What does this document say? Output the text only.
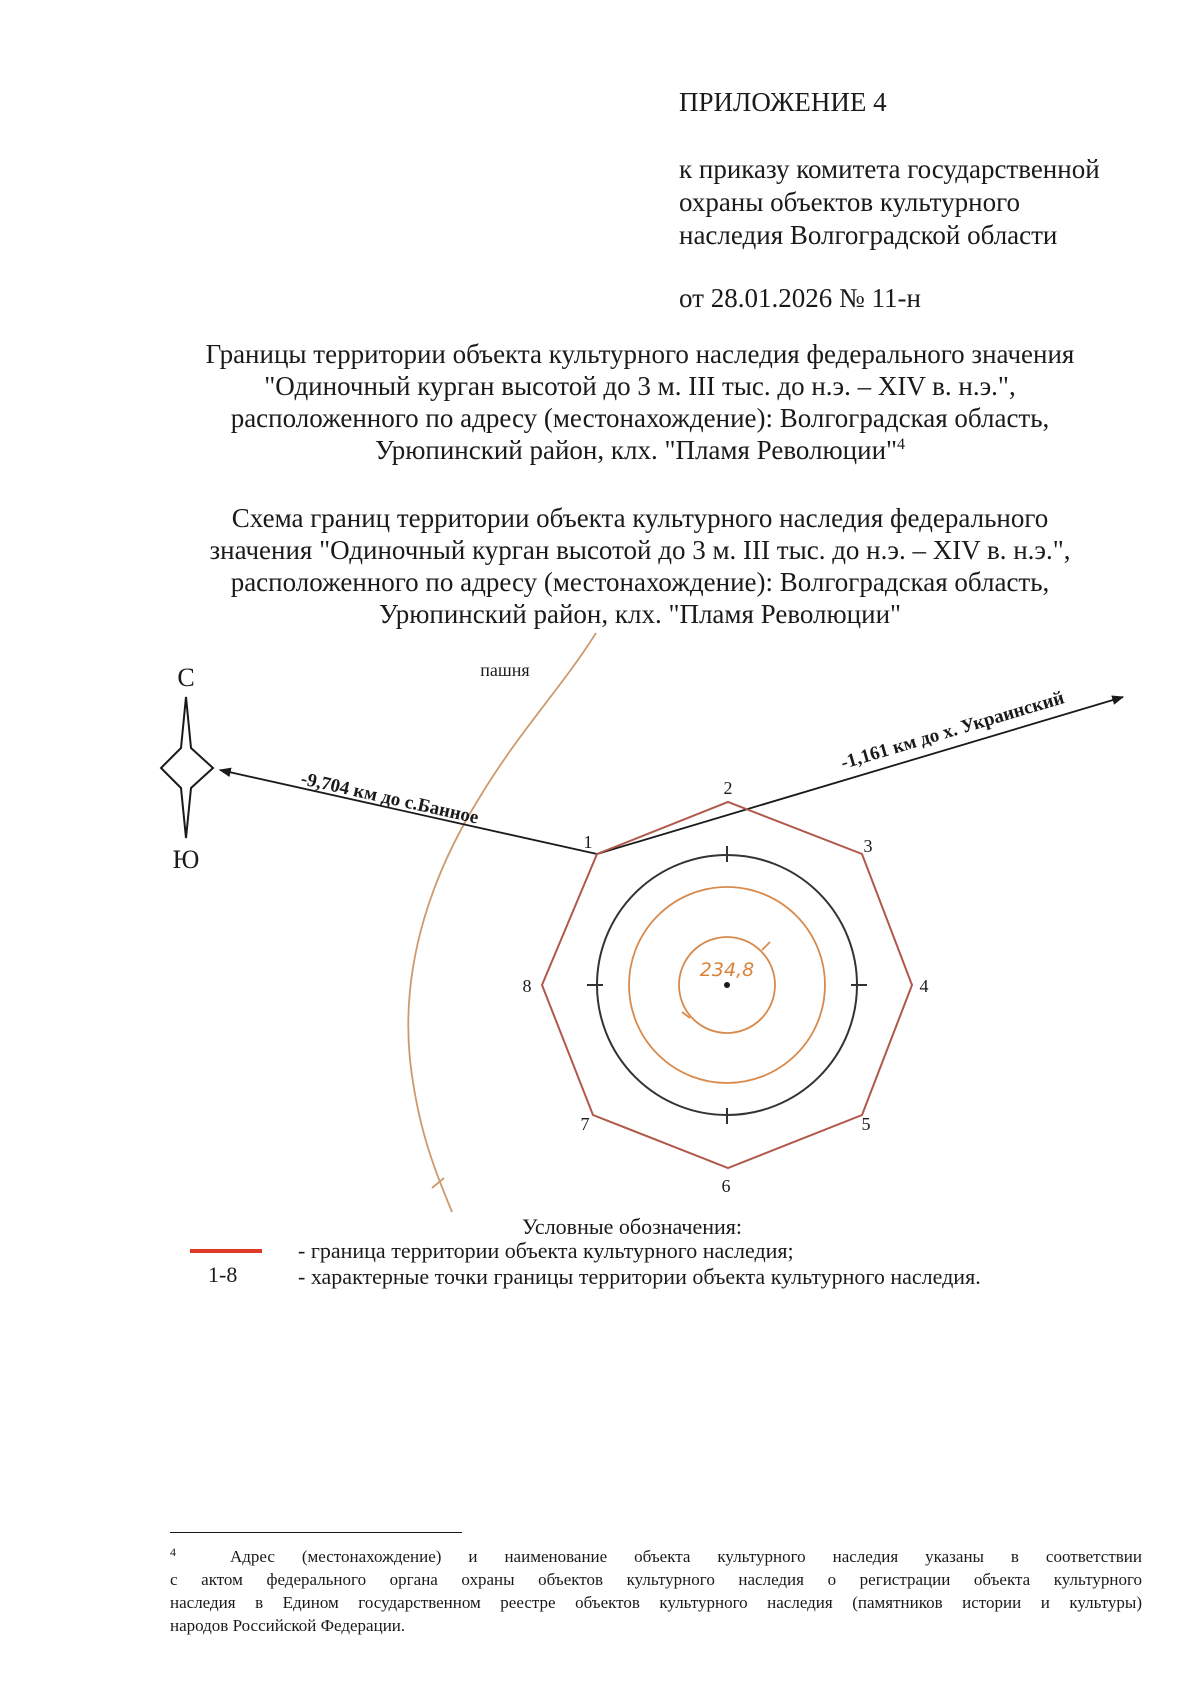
ПРИЛОЖЕНИЕ 4
к приказу комитета государственной
охраны объектов культурного
наследия Волгоградской области
от 28.01.2026 № 11-н
Границы территории объекта культурного наследия федерального значения
"Одиночный курган высотой до 3 м. III тыс. до н.э. – XIV в. н.э.",
расположенного по адресу (местонахождение): Волгоградская область,
Урюпинский район, клх. "Пламя Революции"$^4$
Схема границ территории объекта культурного наследия федерального
значения "Одиночный курган высотой до 3 м. III тыс. до н.э. – XIV в. н.э.",
расположенного по адресу (местонахождение): Волгоградская область,
Урюпинский район, клх. "Пламя Революции"
С
Ю
пашня
-9,704 км до с.Банное
-1,161 км до х. Украинский
234,8
1
2
3
4
5
6
7
8
Условные обозначения:
- граница территории объекта культурного наследия;
1-8	- характерные точки границы территории объекта культурного наследия.
$^4$	Адрес (местонахождение) и наименование объекта культурного наследия указаны в соответствии
с актом федерального органа охраны объектов культурного наследия о регистрации объекта культурного
наследия в Едином государственном реестре объектов культурного наследия (памятников истории и культуры)
народов Российской Федерации.
